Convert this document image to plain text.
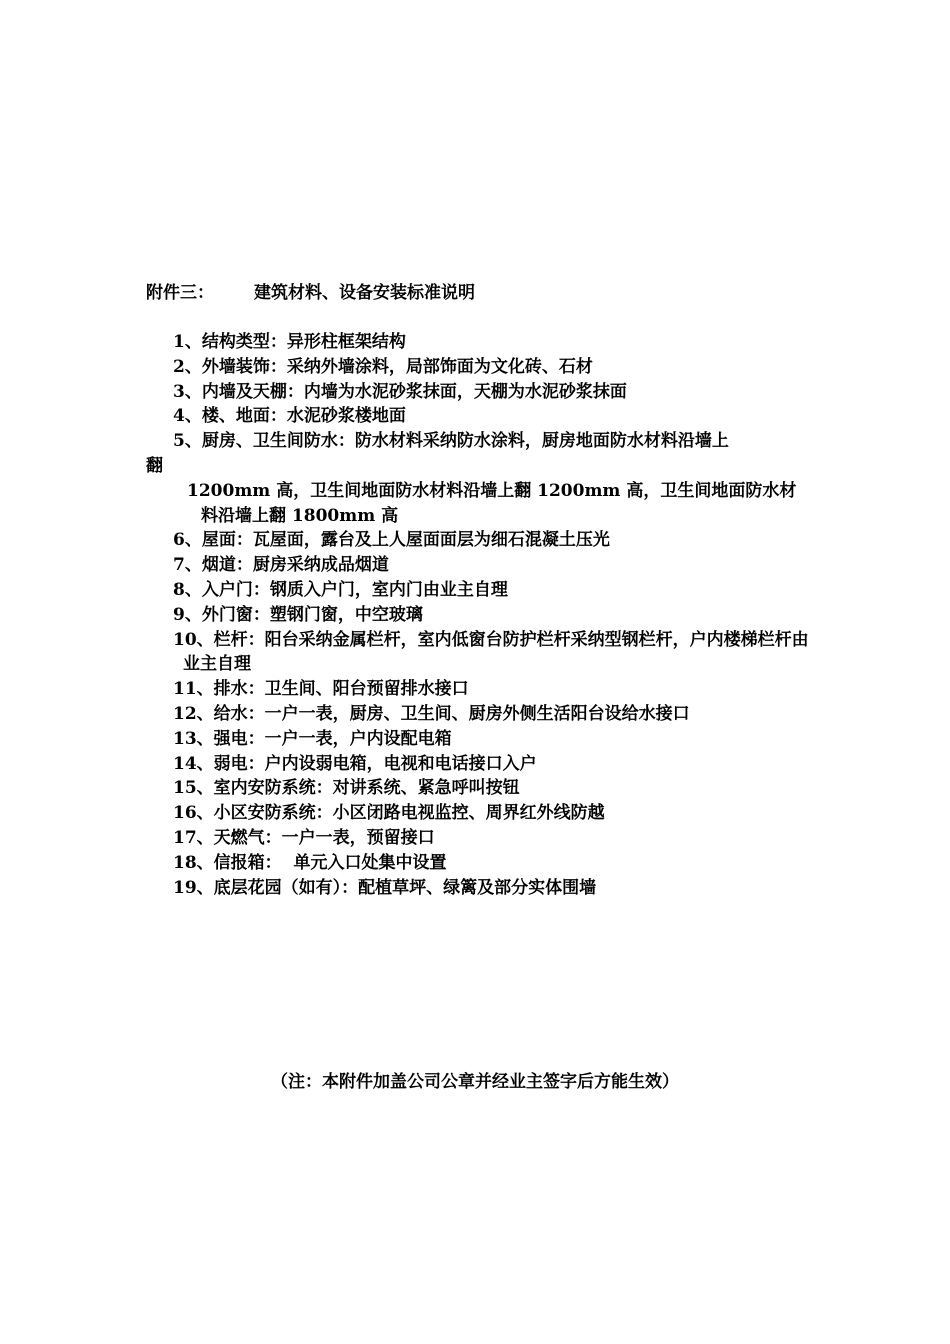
附件三： 建筑材料、设备安装标准说明
1、结构类型：异形柱框架结构
2、外墙装饰：采纳外墙涂料，局部饰面为文化砖、石材
3、内墙及天棚：内墙为水泥砂浆抹面，天棚为水泥砂浆抹面
4、楼、地面：水泥砂浆楼地面
5、厨房、卫生间防水：防水材料采纳防水涂料，厨房地面防水材料沿墙上
翻
1200mm 高，卫生间地面防水材料沿墙上翻 1200mm 高，卫生间地面防水材料沿墙上翻 1800mm 高
6、屋面：瓦屋面，露台及上人屋面面层为细石混凝土压光
7、烟道：厨房采纳成品烟道
8、入户门：钢质入户门，室内门由业主自理
9、外门窗：塑钢门窗，中空玻璃
10、栏杆：阳台采纳金属栏杆，室内低窗台防护栏杆采纳型钢栏杆，户内楼梯栏杆由业主自理
11、排水：卫生间、阳台预留排水接口
12、给水：一户一表，厨房、卫生间、厨房外侧生活阳台设给水接口
13、强电：一户一表，户内设配电箱
14、弱电：户内设弱电箱，电视和电话接口入户
15、室内安防系统：对讲系统、紧急呼叫按钮
16、小区安防系统：小区闭路电视监控、周界红外线防越
17、天燃气：一户一表，预留接口
18、信报箱：  单元入口处集中设置
19、底层花园（如有）：配植草坪、绿篱及部分实体围墙
（注：本附件加盖公司公章并经业主签字后方能生效）
